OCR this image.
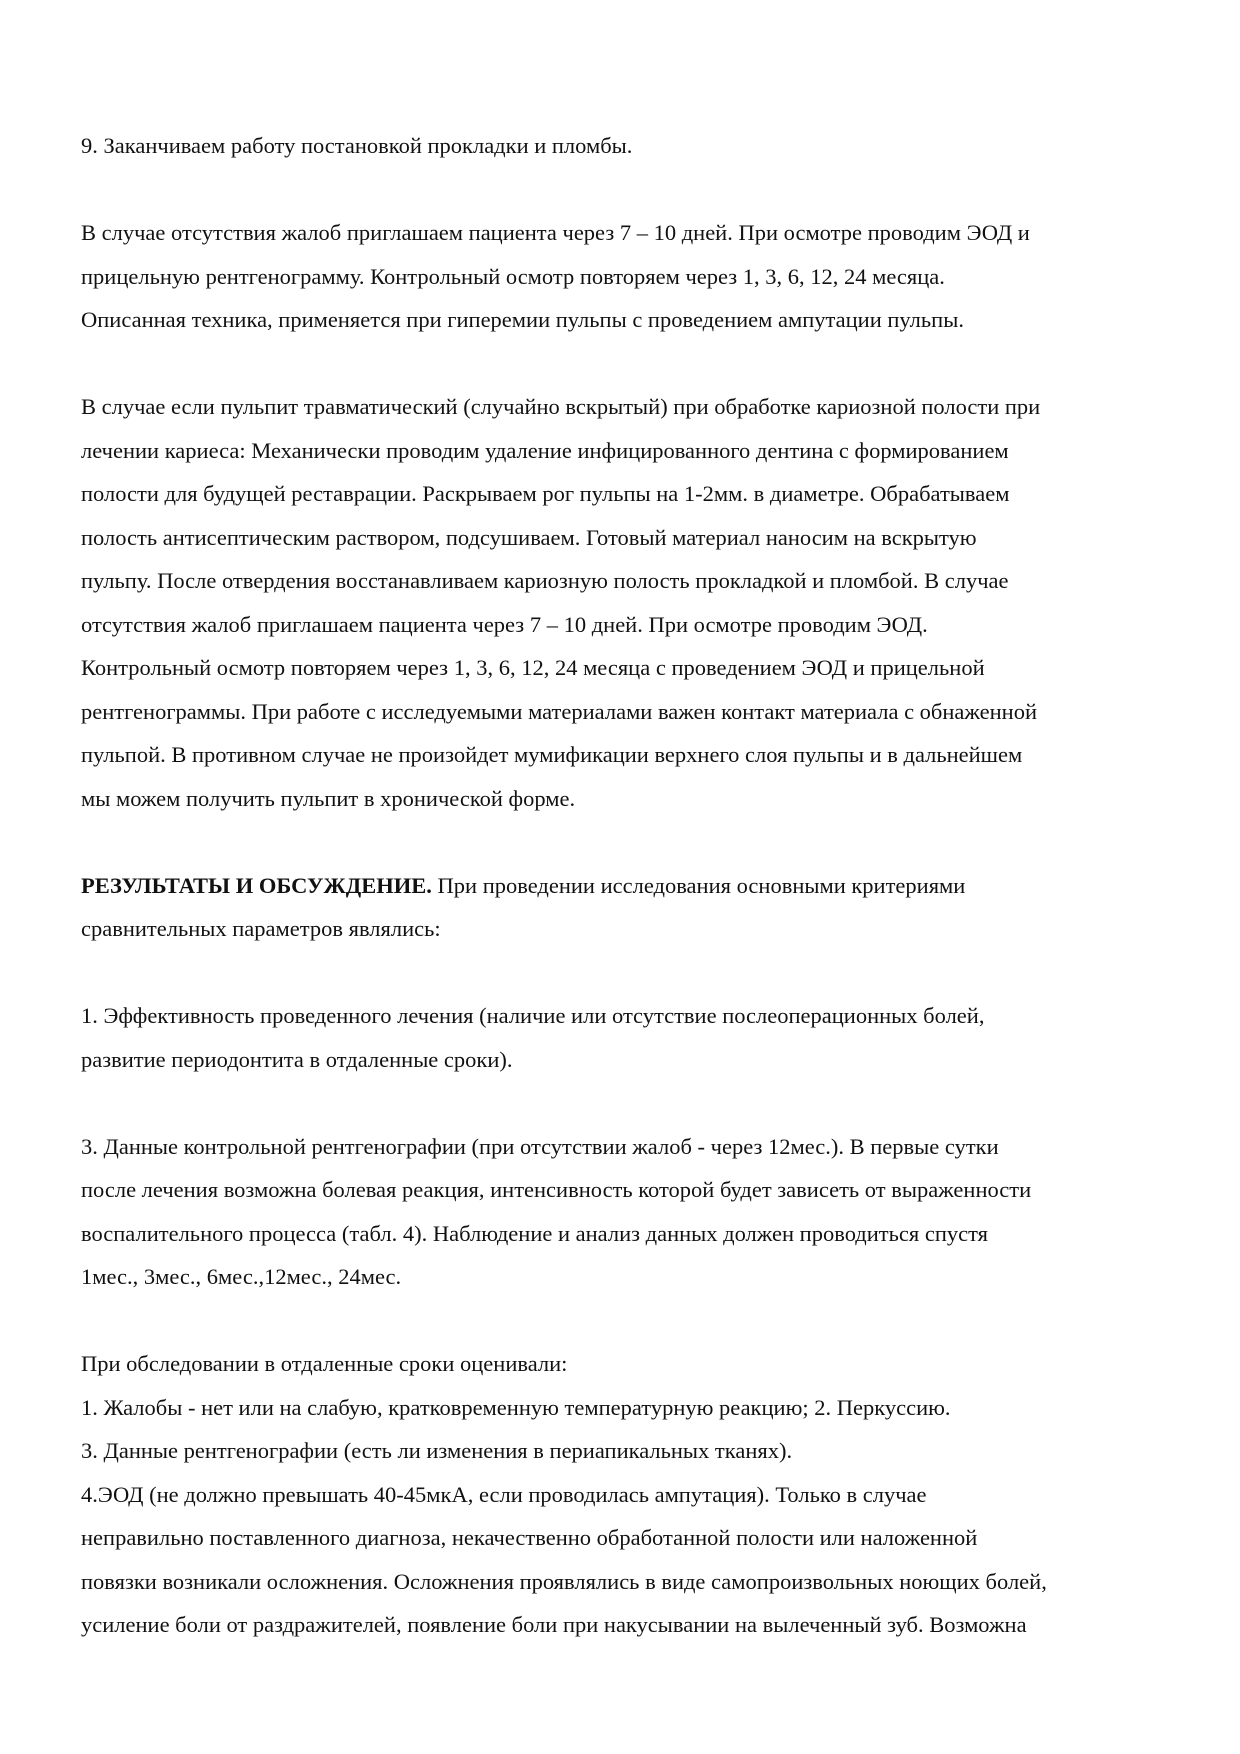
9. Заканчиваем работу постановкой прокладки и пломбы.
В случае отсутствия жалоб приглашаем пациента через 7 – 10 дней. При осмотре проводим ЭОД и
прицельную рентгенограмму. Контрольный осмотр повторяем через 1, 3, 6, 12, 24 месяца.
Описанная техника, применяется при гиперемии пульпы с проведением ампутации пульпы.
В случае если пульпит травматический (случайно вскрытый) при обработке кариозной полости при
лечении кариеса: Механически проводим удаление инфицированного дентина с формированием
полости для будущей реставрации. Раскрываем рог пульпы на 1-2мм. в диаметре. Обрабатываем
полость антисептическим раствором, подсушиваем. Готовый материал наносим на вскрытую
пульпу. После отвердения восстанавливаем кариозную полость прокладкой и пломбой. В случае
отсутствия жалоб приглашаем пациента через 7 – 10 дней. При осмотре проводим ЭОД.
Контрольный осмотр повторяем через 1, 3, 6, 12, 24 месяца с проведением ЭОД и прицельной
рентгенограммы. При работе с исследуемыми материалами важен контакт материала с обнаженной
пульпой. В противном случае не произойдет мумификации верхнего слоя пульпы и в дальнейшем
мы можем получить пульпит в хронической форме.
РЕЗУЛЬТАТЫ И ОБСУЖДЕНИЕ. При проведении исследования основными критериями
сравнительных параметров являлись:
1. Эффективность проведенного лечения (наличие или отсутствие послеоперационных болей,
развитие периодонтита в отдаленные сроки).
3. Данные контрольной рентгенографии (при отсутствии жалоб - через 12мес.). В первые сутки
после лечения возможна болевая реакция, интенсивность которой будет зависеть от выраженности
воспалительного процесса (табл. 4). Наблюдение и анализ данных должен проводиться спустя
1мес., 3мес., 6мес.,12мес., 24мес.
При обследовании в отдаленные сроки оценивали:
1. Жалобы - нет или на слабую, кратковременную температурную реакцию; 2. Перкуссию.
3. Данные рентгенографии (есть ли изменения в периапикальных тканях).
4.ЭОД (не должно превышать 40-45мкА, если проводилась ампутация). Только в случае
неправильно поставленного диагноза, некачественно обработанной полости или наложенной
повязки возникали осложнения. Осложнения проявлялись в виде самопроизвольных ноющих болей,
усиление боли от раздражителей, появление боли при накусывании на вылеченный зуб. Возможна
